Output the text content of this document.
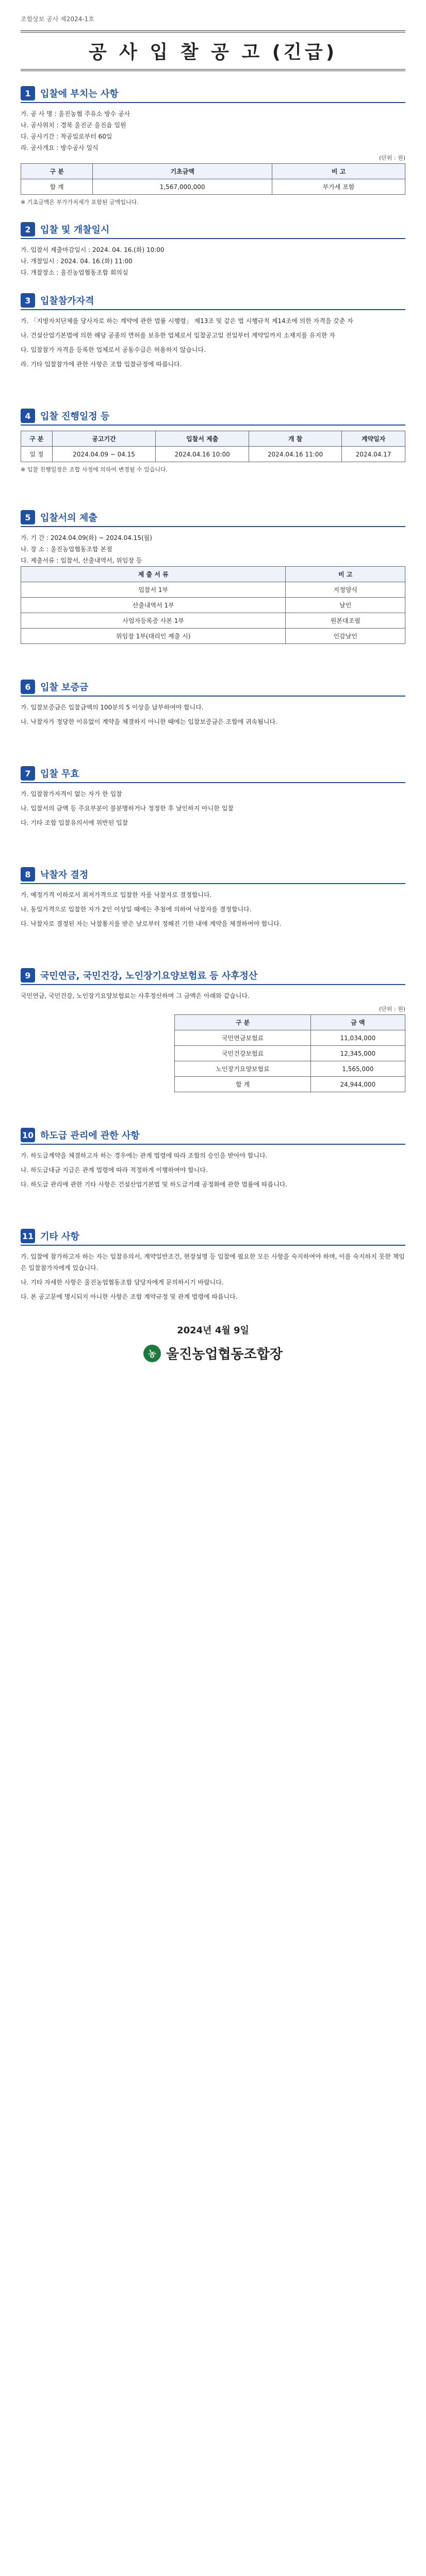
조합상보 공사 제2024-1호
공 사 입 찰 공 고 (긴급)
1	입찰에 부치는 사항
가. 공 사 명 : 울진농협 주유소 방수 공사
나. 공사위치 : 경북 울진군 울진읍 일원
다. 공사기간 : 착공일로부터 60일
라. 공사개요 : 방수공사 일식
(단위 : 원)
구 분	기초금액	비 고
합 계	1,567,000,000	부가세 포함
※ 기초금액은 부가가치세가 포함된 금액입니다.
2	입찰 및 개찰일시
가. 입찰서 제출마감일시 : 2024. 04. 16.(화) 10:00
나. 개찰일시 : 2024. 04. 16.(화) 11:00
다. 개찰장소 : 울진농업협동조합 회의실
3	입찰참가자격
가. 「지방자치단체를 당사자로 하는 계약에 관한 법률 시행령」 제13조 및 같은 법 시행규칙 제14조에 의한 자격을 갖춘 자
나. 건설산업기본법에 의한 해당 공종의 면허를 보유한 업체로서 입찰공고일 전일부터 계약일까지 소재지를 유지한 자
다. 입찰참가 자격을 등록한 업체로서 공동수급은 허용하지 않습니다.
라. 기타 입찰참가에 관한 사항은 조합 입찰규정에 따릅니다.
4	입찰 진행일정 등
구 분	공고기간	입찰서 제출	개 찰	계약일자
일 정	2024.04.09 ~ 04.15	2024.04.16 10:00	2024.04.16 11:00	2024.04.17
※ 입찰 진행일정은 조합 사정에 의하여 변경될 수 있습니다.
5	입찰서의 제출
가. 기 간 : 2024.04.09(화) ~ 2024.04.15(월)
나. 장 소 : 울진농업협동조합 본점
다. 제출서류 : 입찰서, 산출내역서, 위임장 등
제 출 서 류	비 고
입찰서 1부	지정양식
산출내역서 1부	날인
사업자등록증 사본 1부	원본대조필
위임장 1부(대리인 제출 시)	인감날인
6	입찰 보증금
가. 입찰보증금은 입찰금액의 100분의 5 이상을 납부하여야 합니다.
나. 낙찰자가 정당한 이유없이 계약을 체결하지 아니한 때에는 입찰보증금은 조합에 귀속됩니다.
7	입찰 무효
가. 입찰참가자격이 없는 자가 한 입찰
나. 입찰서의 금액 등 주요부분이 불분명하거나 정정한 후 날인하지 아니한 입찰
다. 기타 조합 입찰유의서에 위반된 입찰
8	낙찰자 결정
가. 예정가격 이하로서 최저가격으로 입찰한 자를 낙찰자로 결정합니다.
나. 동일가격으로 입찰한 자가 2인 이상일 때에는 추첨에 의하여 낙찰자를 결정합니다.
다. 낙찰자로 결정된 자는 낙찰통지를 받은 날로부터 정해진 기한 내에 계약을 체결하여야 합니다.
9	국민연금, 국민건강, 노인장기요양보험료 등 사후정산
국민연금, 국민건강, 노인장기요양보험료는 사후정산하며 그 금액은 아래와 같습니다.
(단위 : 원)
구 분	금 액
국민연금보험료	11,034,000
국민건강보험료	12,345,000
노인장기요양보험료	1,565,000
합 계	24,944,000
10 하도급 관리에 관한 사항
가. 하도급계약을 체결하고자 하는 경우에는 관계 법령에 따라 조합의 승인을 받아야 합니다.
나. 하도급대금 지급은 관계 법령에 따라 적정하게 이행하여야 합니다.
다. 하도급 관리에 관한 기타 사항은 건설산업기본법 및 하도급거래 공정화에 관한 법률에 따릅니다.
11 기타 사항
가. 입찰에 참가하고자 하는 자는 입찰유의서, 계약일반조건, 현장설명 등 입찰에 필요한 모든 사항을 숙지하여야 하며, 이를 숙지하지 못한 책임은 입찰참가자에게 있습니다.
나. 기타 자세한 사항은 울진농업협동조합 담당자에게 문의하시기 바랍니다.
다. 본 공고문에 명시되지 아니한 사항은 조합 계약규정 및 관계 법령에 따릅니다.
2024년 4월 9일
농 울진농업협동조합장
